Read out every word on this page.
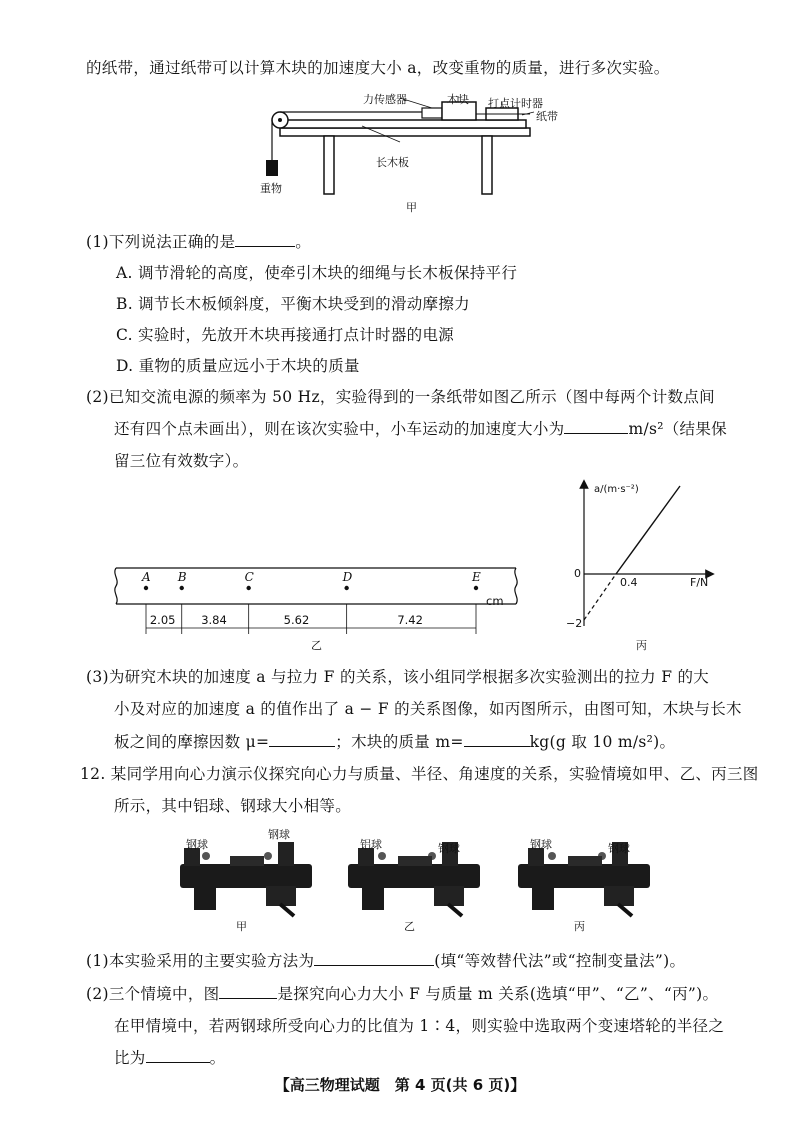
的纸带，通过纸带可以计算木块的加速度大小 a，改变重物的质量，进行多次实验。
力传感器	木块 打点计时器
纸带
长木板
重物
甲
(1)下列说法正确的是	。
A. 调节滑轮的高度，使牵引木块的细绳与长木板保持平行
B. 调节长木板倾斜度，平衡木块受到的滑动摩擦力
C. 实验时，先放开木块再接通打点计时器的电源
D. 重物的质量应远小于木块的质量
(2)已知交流电源的频率为 50 Hz，实验得到的一条纸带如图乙所示（图中每两个计数点间
还有四个点未画出），则在该次实验中，小车运动的加速度大小为	m/s²（结果保
留三位有效数字）。
cm
A B	C	D	E
2.05 3.84	5.62	7.42
乙
a/(m·s⁻²)
F/N
0
0.4
−2
丙
(3)为研究木块的加速度 a 与拉力 F 的关系，该小组同学根据多次实验测出的拉力 F 的大
小及对应的加速度 a 的值作出了 a − F 的关系图像，如丙图所示，由图可知，木块与长木
板之间的摩擦因数 μ=	；木块的质量 m=	kg(g 取 10 m/s²)。
12. 某同学用向心力演示仪探究向心力与质量、半径、角速度的关系，实验情境如甲、乙、丙三图
所示，其中铝球、钢球大小相等。
钢球
钢球
甲
铝球	钢球
乙
钢球	钢球
丙
(1)本实验采用的主要实验方法为	(填“等效替代法”或“控制变量法”)。
(2)三个情境中，图	是探究向心力大小 F 与质量 m 关系(选填“甲”、“乙”、“丙”)。
在甲情境中，若两钢球所受向心力的比值为 1∶4，则实验中选取两个变速塔轮的半径之
比为	。
【高三物理试题　第 4 页(共 6 页)】
